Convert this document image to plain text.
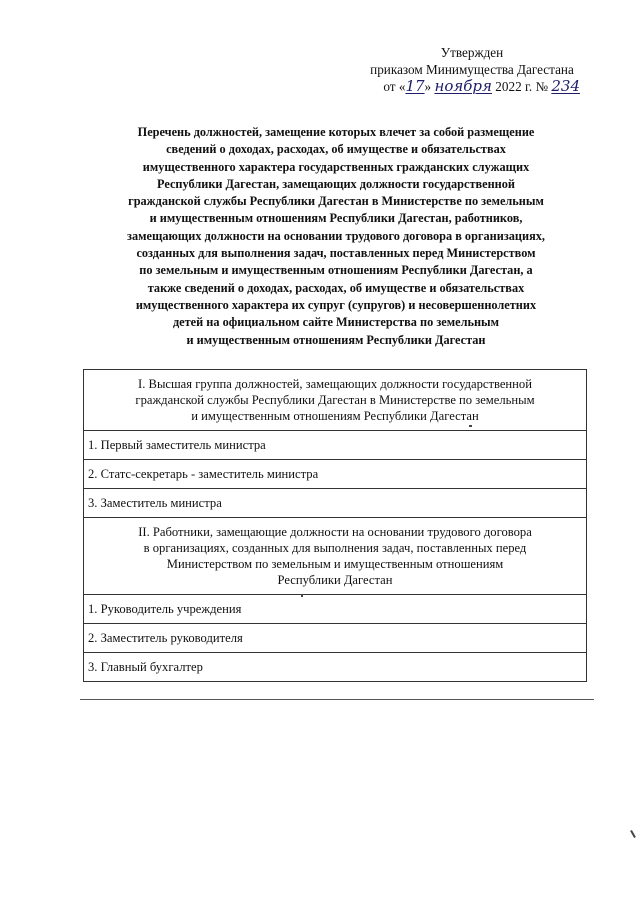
Утвержден
приказом Минимущества Дагестана
от «17» ноября 2022 г. № 234
Перечень должностей, замещение которых влечет за собой размещение
сведений о доходах, расходах, об имуществе и обязательствах
имущественного характера государственных гражданских служащих
Республики Дагестан, замещающих должности государственной
гражданской службы Республики Дагестан в Министерстве по земельным
и имущественным отношениям Республики Дагестан, работников,
замещающих должности на основании трудового договора в организациях,
созданных для выполнения задач, поставленных перед Министерством
по земельным и имущественным отношениям Республики Дагестан, а
также сведений о доходах, расходах, об имуществе и обязательствах
имущественного характера их супруг (супругов) и несовершеннолетних
детей на официальном сайте Министерства по земельным
и имущественным отношениям Республики Дагестан
I. Высшая группа должностей, замещающих должности государственной
гражданской службы Республики Дагестан в Министерстве по земельным
и имущественным отношениям Республики Дагестан

1. Первый заместитель министра
2. Статс-секретарь - заместитель министра
3. Заместитель министра

II. Работники, замещающие должности на основании трудового договора
в организациях, созданных для выполнения задач, поставленных перед
Министерством по земельным и имущественным отношениям
Республики Дагестан

1. Руководитель учреждения
2. Заместитель руководителя
3. Главный бухгалтер
